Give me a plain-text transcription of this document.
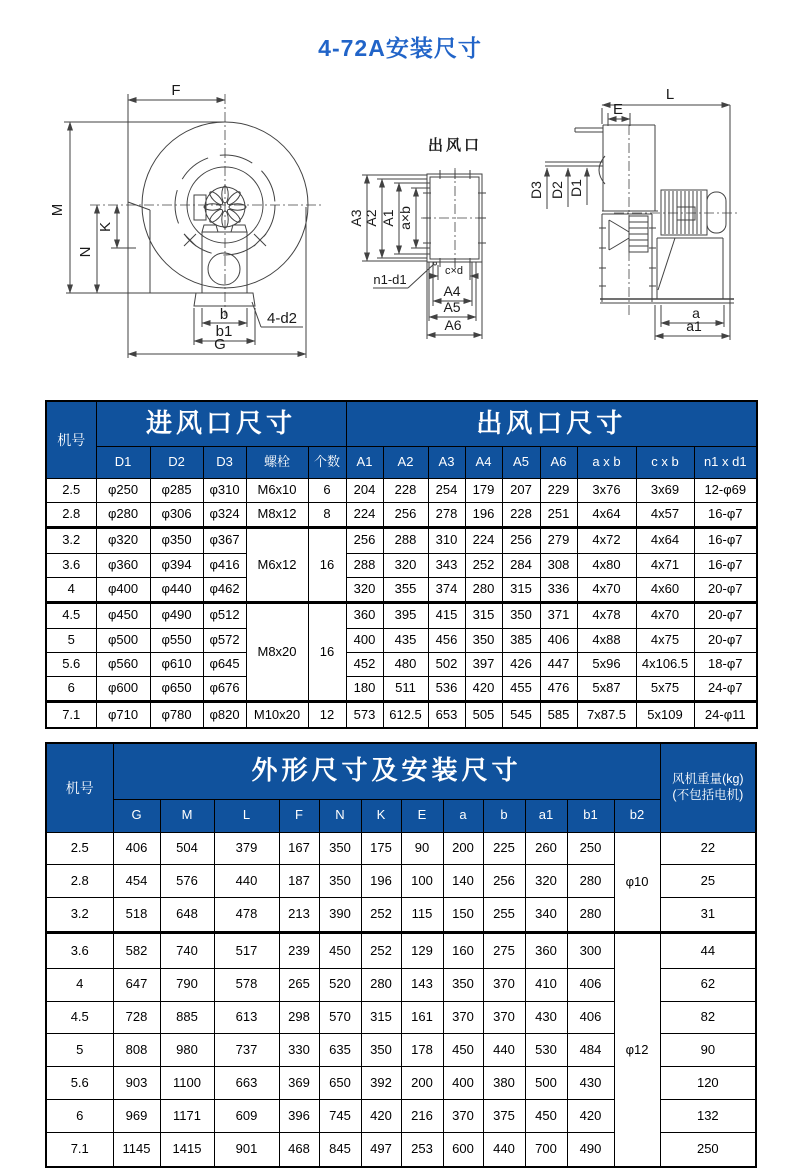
4-72A安装尺寸
F
M
N
K
b
b1
G
4-d2
出风口
A3 A2 A1 a×b
n1-d1
c×d
A4
A5
A6
L
E
D3 D2 D1
a
a1
机号	进风口尺寸					出风口尺寸								
	D1	D2	D3	螺栓	个数	A1	A2	A3	A4	A5	A6	a x b	c x b	n1 x d1
2.5	φ250	φ285	φ310	M6x10	6	204	228	254	179	207	229	3x76	3x69	12-φ69
2.8	φ280	φ306	φ324	M8x12	8	224	256	278	196	228	251	4x64	4x57	16-φ7
3.2	φ320	φ350	φ367	M6x12	16	256	288	310	224	256	279	4x72	4x64	16-φ7
3.6	φ360	φ394	φ416			288	320	343	252	284	308	4x80	4x71	16-φ7
4	φ400	φ440	φ462			320	355	374	280	315	336	4x70	4x60	20-φ7
4.5	φ450	φ490	φ512	M8x20	16	360	395	415	315	350	371	4x78	4x70	20-φ7
5	φ500	φ550	φ572			400	435	456	350	385	406	4x88	4x75	20-φ7
5.6	φ560	φ610	φ645			452	480	502	397	426	447	5x96	4x106.5	18-φ7
6	φ600	φ650	φ676			180	511	536	420	455	476	5x87	5x75	24-φ7
7.1	φ710	φ780	φ820	M10x20	12	573	612.5	653	505	545	585	7x87.5	5x109	24-φ11
机号	外形尺寸及安装尺寸												风机重量(kg)
(不包括电机)

	G	M	L	F	N	K	E	a	b	a1	b1	b2	
2.5	406	504	379	167	350	175	90	200	225	260	250	φ10	22
2.8	454	576	440	187	350	196	100	140	256	320	280		25
3.2	518	648	478	213	390	252	115	150	255	340	280		31
3.6	582	740	517	239	450	252	129	160	275	360	300	φ12	44
4	647	790	578	265	520	280	143	350	370	410	406		62
4.5	728	885	613	298	570	315	161	370	370	430	406		82
5	808	980	737	330	635	350	178	450	440	530	484		90
5.6	903	1100	663	369	650	392	200	400	380	500	430		120
6	969	1171	609	396	745	420	216	370	375	450	420		132
7.1	1145	1415	901	468	845	497	253	600	440	700	490		250
